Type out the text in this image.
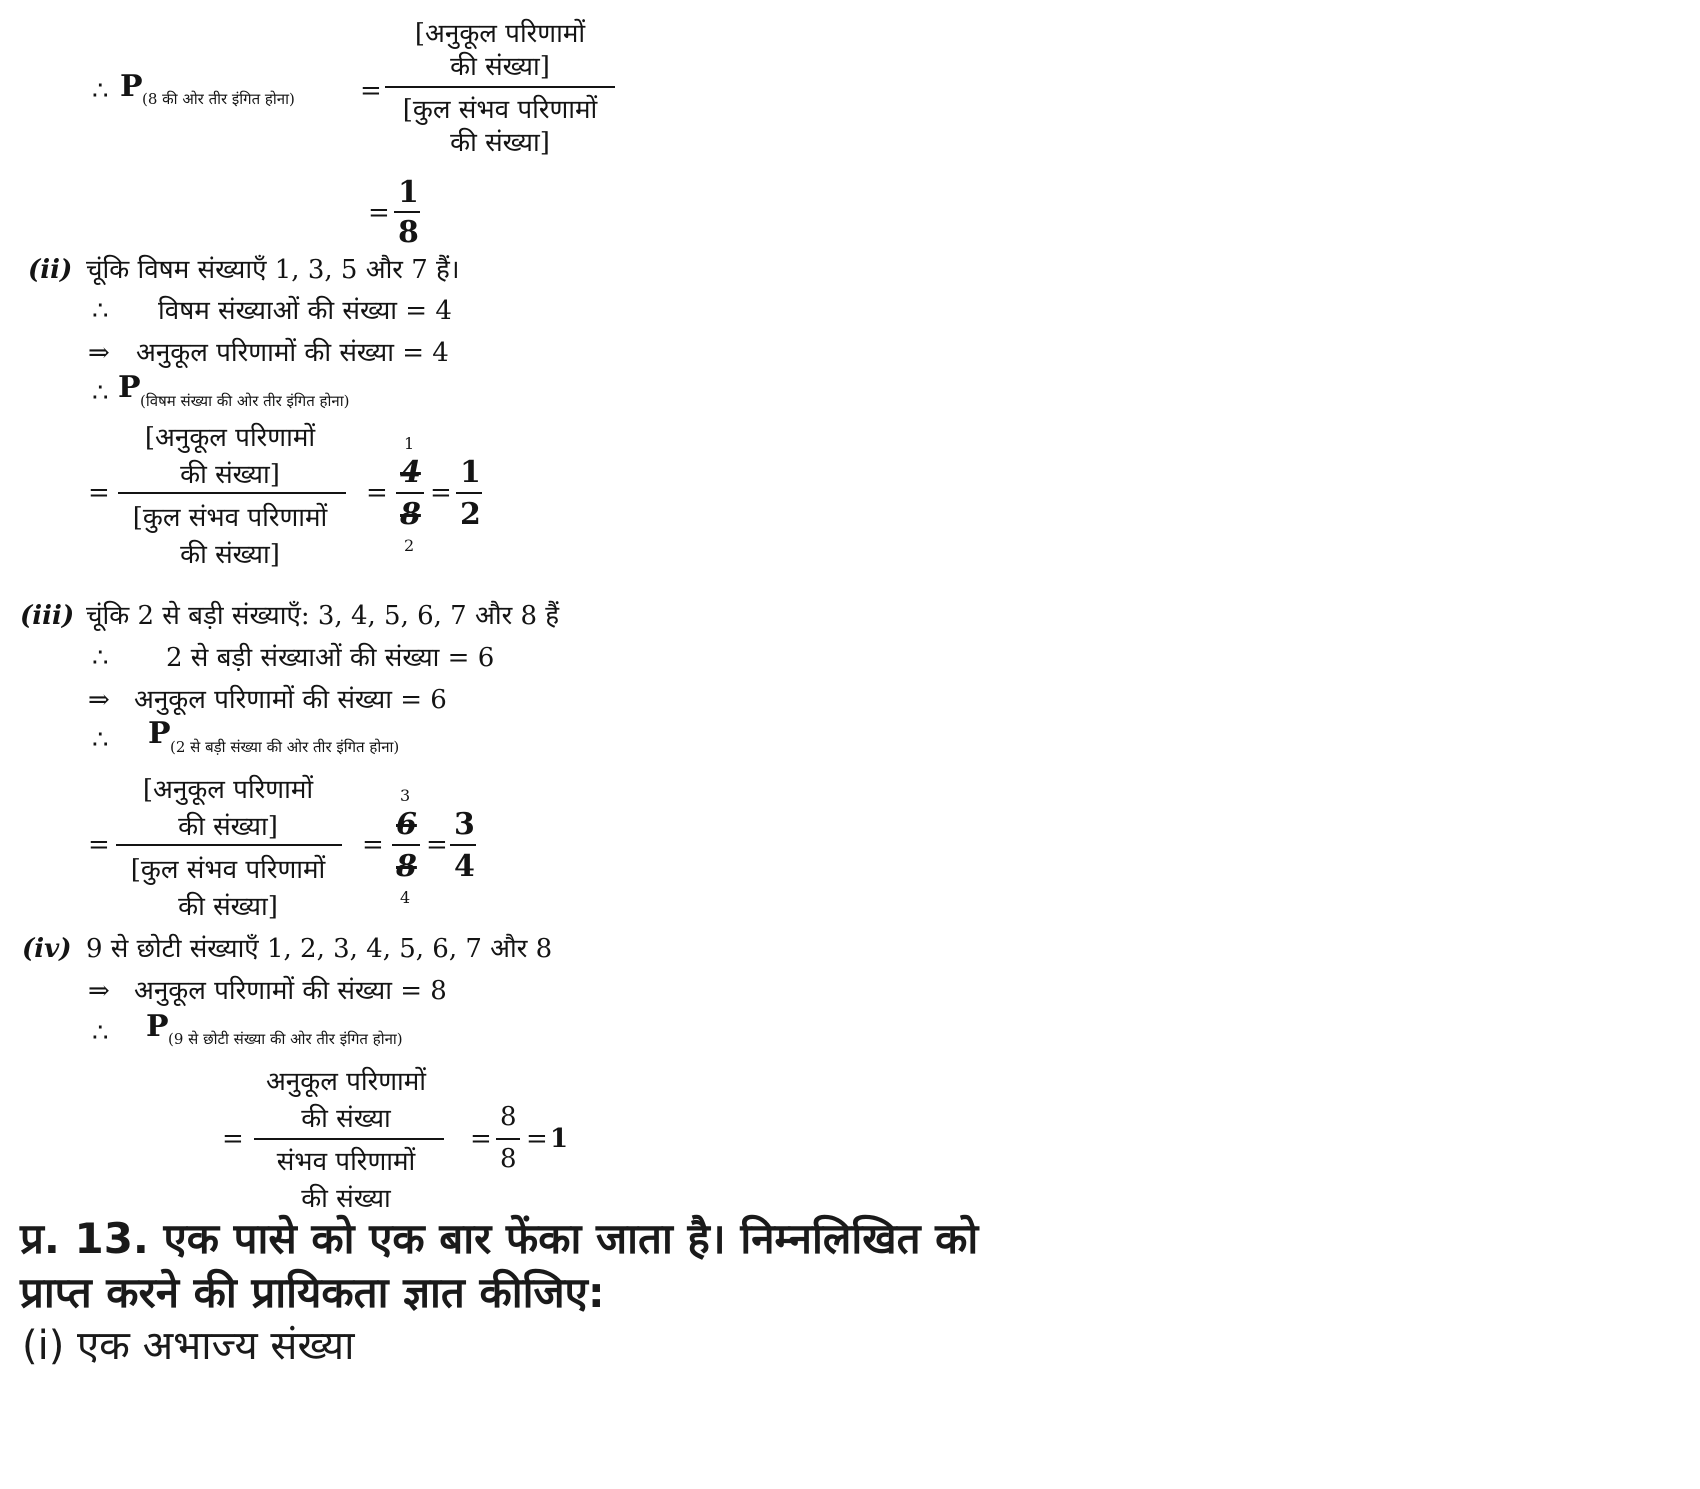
∴ P (8 की ओर तीर इंगित होना)	=
[अनुकूल परिणामों
की संख्या]
[कुल संभव परिणामों
की संख्या]
=
1
8
(ii) चूंकि विषम संख्याएँ 1, 3, 5 और 7 हैं।
∴ विषम संख्याओं की संख्या = 4
⇒ अनुकूल परिणामों की संख्या = 4
∴ P (विषम संख्या की ओर तीर इंगित होना)
=
[अनुकूल परिणामों
की संख्या]
[कुल संभव परिणामों
की संख्या]
=
1
4
8
2
=
1
2
(iii) चूंकि 2 से बड़ी संख्याएँ: 3, 4, 5, 6, 7 और 8 हैं
∴ 2 से बड़ी संख्याओं की संख्या = 6
⇒ अनुकूल परिणामों की संख्या = 6
∴ P (2 से बड़ी संख्या की ओर तीर इंगित होना)
=
[अनुकूल परिणामों
की संख्या]
[कुल संभव परिणामों
की संख्या]
=
3
6
8
4
=
3
4
(iv) 9 से छोटी संख्याएँ 1, 2, 3, 4, 5, 6, 7 और 8
⇒ अनुकूल परिणामों की संख्या = 8
∴ P (9 से छोटी संख्या की ओर तीर इंगित होना)
=
अनुकूल परिणामों
की संख्या
संभव परिणामों
की संख्या
=
8
8
= 1
प्र. 13. एक पासे को एक बार फेंका जाता है। निम्नलिखित को
प्राप्त करने की प्रायिकता ज्ञात कीजिए:
(i) एक अभाज्य संख्या
